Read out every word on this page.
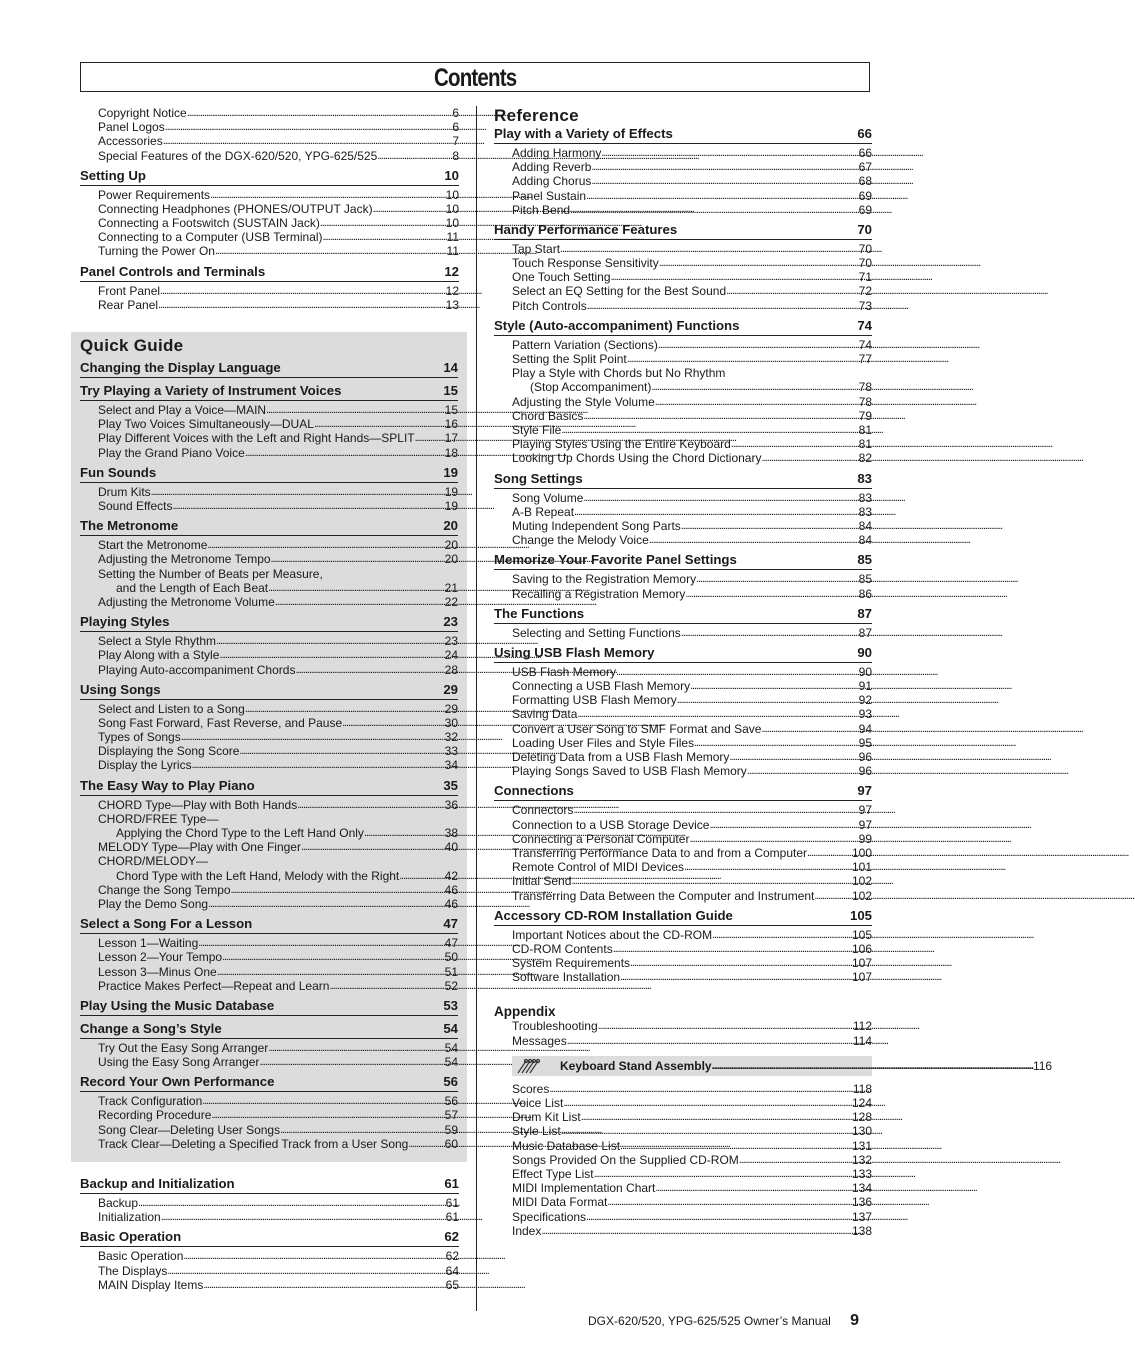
Contents
Copyright Notice . . .	6
Panel Logos . . .	6
Accessories . . .	7
Special Features of the DGX-620/520, YPG-625/525 . . .	8
Setting Up	10
Power Requirements . . .	10
Connecting Headphones (PHONES/OUTPUT Jack) . . .	10
Connecting a Footswitch (SUSTAIN Jack) . . .	10
Connecting to a Computer (USB Terminal) . . .	11
Turning the Power On . . .	11
Panel Controls and Terminals	12
Front Panel . . .	12
Rear Panel . . .	13
Quick Guide
Changing the Display Language	14
Try Playing a Variety of Instrument Voices	15
Select and Play a Voice—MAIN . . .	15
Play Two Voices Simultaneously—DUAL . . .	16
Play Different Voices with the Left and Right Hands—SPLIT . . .	17
Play the Grand Piano Voice . . .	18
Fun Sounds	19
Drum Kits . . .	19
Sound Effects . . .	19
The Metronome	20
Start the Metronome . . .	20
Adjusting the Metronome Tempo . . .	20
Setting the Number of Beats per Measure,
and the Length of Each Beat . . .	21
Adjusting the Metronome Volume . . .	22
Playing Styles	23
Select a Style Rhythm . . .	23
Play Along with a Style . . .	24
Playing Auto-accompaniment Chords . . .	28
Using Songs	29
Select and Listen to a Song . . .	29
Song Fast Forward, Fast Reverse, and Pause . . .	30
Types of Songs . . .	32
Displaying the Song Score . . .	33
Display the Lyrics . . .	34
The Easy Way to Play Piano	35
CHORD Type—Play with Both Hands . . .	36
CHORD/FREE Type—
Applying the Chord Type to the Left Hand Only . . .	38
MELODY Type—Play with One Finger . . .	40
CHORD/MELODY—
Chord Type with the Left Hand, Melody with the Right . . .	42
Change the Song Tempo . . .	46
Play the Demo Song . . .	46
Select a Song For a Lesson	47
Lesson 1—Waiting . . .	47
Lesson 2—Your Tempo . . .	50
Lesson 3—Minus One . . .	51
Practice Makes Perfect—Repeat and Learn . . .	52
Play Using the Music Database	53
Change a Song’s Style	54
Try Out the Easy Song Arranger . . .	54
Using the Easy Song Arranger . . .	54
Record Your Own Performance	56
Track Configuration . . .	56
Recording Procedure . . .	57
Song Clear—Deleting User Songs . . .	59
Track Clear—Deleting a Specified Track from a User Song . . .	60
Backup and Initialization	61
Backup . . .	61
Initialization . . .	61
Basic Operation	62
Basic Operation . . .	62
The Displays . . .	64
MAIN Display Items . . .	65
Reference
Play with a Variety of Effects	66
Adding Harmony . . .	66
Adding Reverb . . .	67
Adding Chorus . . .	68
Panel Sustain . . .	69
Pitch Bend . . .	69
Handy Performance Features	70
Tap Start . . .	70
Touch Response Sensitivity . . .	70
One Touch Setting . . .	71
Select an EQ Setting for the Best Sound . . .	72
Pitch Controls . . .	73
Style (Auto-accompaniment) Functions	74
Pattern Variation (Sections) . . .	74
Setting the Split Point . . .	77
Play a Style with Chords but No Rhythm
(Stop Accompaniment) . . .	78
Adjusting the Style Volume . . .	78
Chord Basics . . .	79
Style File . . .	81
Playing Styles Using the Entire Keyboard . . .	81
Looking Up Chords Using the Chord Dictionary . . .	82
Song Settings	83
Song Volume . . .	83
A-B Repeat . . .	83
Muting Independent Song Parts . . .	84
Change the Melody Voice . . .	84
Memorize Your Favorite Panel Settings	85
Saving to the Registration Memory . . .	85
Recalling a Registration Memory . . .	86
The Functions	87
Selecting and Setting Functions . . .	87
Using USB Flash Memory	90
USB Flash Memory . . .	90
Connecting a USB Flash Memory . . .	91
Formatting USB Flash Memory . . .	92
Saving Data . . .	93
Convert a User Song to SMF Format and Save . . .	94
Loading User Files and Style Files . . .	95
Deleting Data from a USB Flash Memory . . .	96
Playing Songs Saved to USB Flash Memory . . .	96
Connections	97
Connectors . . .	97
Connection to a USB Storage Device . . .	97
Connecting a Personal Computer . . .	99
Transferring Performance Data to and from a Computer . . .	100
Remote Control of MIDI Devices . . .	101
Initial Send . . .	102
Transferring Data Between the Computer and Instrument . . .	102
Accessory CD-ROM Installation Guide	105
Important Notices about the CD-ROM . . .	105
CD-ROM Contents . . .	106
System Requirements . . .	107
Software Installation . . .	107
Appendix
Troubleshooting . . .	112
Messages . . .	114
Keyboard Stand Assembly . . .	116
Scores . . .	118
Voice List . . .	124
Drum Kit List . . .	128
Style List . . .	130
Music Database List . . .	131
Songs Provided On the Supplied CD-ROM . . .	132
Effect Type List . . .	133
MIDI Implementation Chart . . .	134
MIDI Data Format . . .	136
Specifications . . .	137
Index . . .	138
DGX-620/520, YPG-625/525 Owner’s Manual 9
